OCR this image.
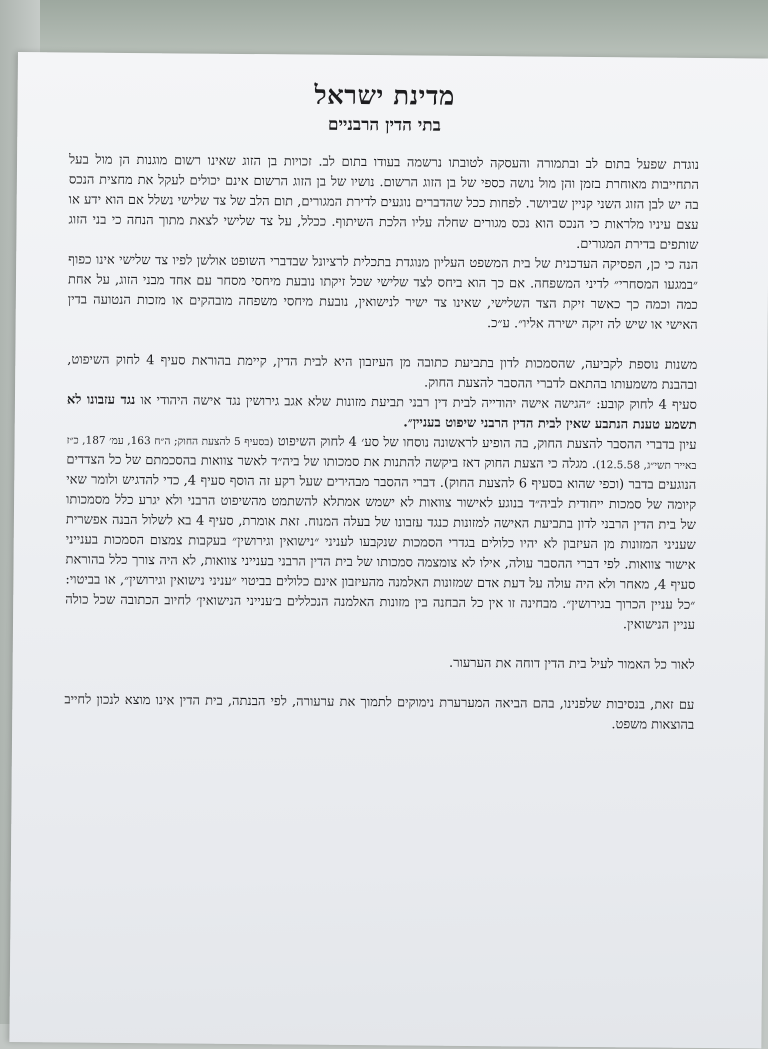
מדינת ישראל
בתי הדין הרבניים

נוגדת שפעל בתום לב ובתמורה והעסקה לטובתו נרשמה בעודו בתום לב. זכויות בן הזוג שאינו רשום מוגנות הן מול בעל התחייבות מאוחרת בזמן והן מול נושה כספי של בן הזוג הרשום. נושיו של בן הזוג הרשום אינם יכולים לעקל את מחצית הנכס בה יש לבן הזוג השני קניין שביושר. לפחות ככל שהדברים נוגעים לדירת המגורים, תום הלב של צד שלישי נשלל אם הוא ידע או עצם עיניו מלראות כי הנכס הוא נכס מגורים שחלה עליו הלכת השיתוף. ככלל, על צד שלישי לצאת מתוך הנחה כי בני הזוג שותפים בדירת המגורים.

הנה כי כן, הפסיקה העדכנית של בית המשפט העליון מנוגדת בתכלית לרציונל שבדברי השופט אולשן לפיו צד שלישי אינו כפוף ״במגעו המסחרי״ לדיני המשפחה. אם כך הוא ביחס לצד שלישי שכל זיקתו נובעת מיחסי מסחר עם אחד מבני הזוג, על אחת כמה וכמה כך כאשר זיקת הצד השלישי, שאינו צד ישיר לנישואין, נובעת מיחסי משפחה מובהקים או מזכות הנטועה בדין האישי או שיש לה זיקה ישירה אליו״. ע״כ.

משנות נוספת לקביעה, שהסמכות לדון בתביעת כתובה מן העיזבון היא לבית הדין, קיימת בהוראת סעיף 4 לחוק השיפוט, ובהבנת משמעותו בהתאם לדברי ההסבר להצעת החוק.

סעיף 4 לחוק קובע: ״הגישה אישה יהודייה לבית דין רבני תביעת מזונות שלא אגב גירושין נגד אישה היהודי או נגד עזבונו לא תשמע טענת הנתבע שאין לבית הדין הרבני שיפוט בעניין״.

עיון בדברי ההסבר להצעת החוק, בה הופיע לראשונה נוסחו של סע׳ 4 לחוק השיפוט (בסעיף 5 להצעת החוק; ה״ח 163, עמ׳ 187, כ״ז באייר תשי״ג, 12.5.58). מגלה כי הצעת החוק דאז ביקשה להתנות את סמכותו של ביה״ד לאשר צוואות בהסכמתם של כל הצדדים הנוגעים בדבר (וכפי שהוא בסעיף 6 להצעת החוק). דברי ההסבר מבהירים שעל רקע זה הוסף סעיף 4, כדי להדגיש ולומר שאי קיומה של סמכות ייחודית לביה״ד בנוגע לאישור צוואות לא ישמש אמתלא להשתמט מהשיפוט הרבני ולא יגרע כלל מסמכותו של בית הדין הרבני לדון בתביעת האישה למזונות כנגד עזבונו של בעלה המנוח. זאת אומרת, סעיף 4 בא לשלול הבנה אפשרית שעניני המזונות מן העיזבון לא יהיו כלולים בגדרי הסמכות שנקבעו לעניני ״נישואין וגירושין״ בעקבות צמצום הסמכות בענייני אישור צוואות. לפי דברי ההסבר עולה, אילו לא צומצמה סמכותו של בית הדין הרבני בענייני צוואות, לא היה צורך כלל בהוראת סעיף 4, מאחר ולא היה עולה על דעת אדם שמזונות האלמנה מהעיזבון אינם כלולים בביטוי ״עניני נישואין וגירושין״, או בביטוי: ״כל עניין הכרוך בגירושין״. מבחינה זו אין כל הבחנה בין מזונות האלמנה הנכללים ב׳ענייני הנישואין׳ לחיוב הכתובה שכל כולה עניין הנישואין.

לאור כל האמור לעיל בית הדין דוחה את הערעור.

עם זאת, בנסיבות שלפנינו, בהם הביאה המערערת נימוקים לתמוך את ערעורה, לפי הבנתה, בית הדין אינו מוצא לנכון לחייב בהוצאות משפט.
